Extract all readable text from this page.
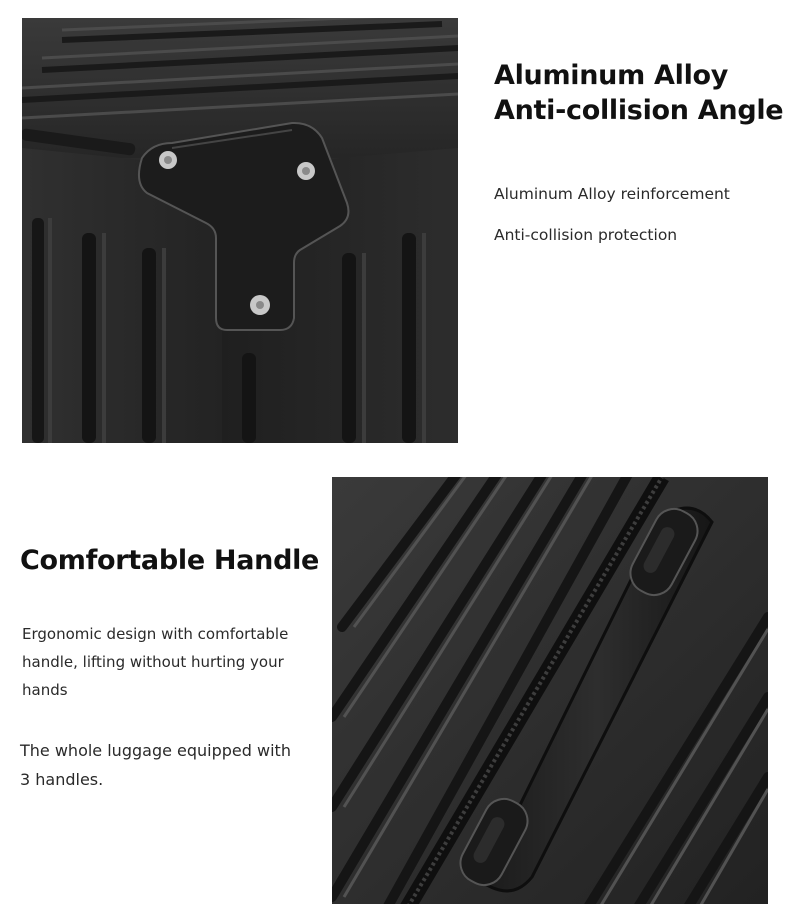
Aluminum Alloy
Anti-collision Angle

Aluminum Alloy reinforcement

Anti-collision protection

Comfortable Handle

Ergonomic design with comfortable handle, lifting without hurting your hands

The whole luggage equipped with 3 handles.
